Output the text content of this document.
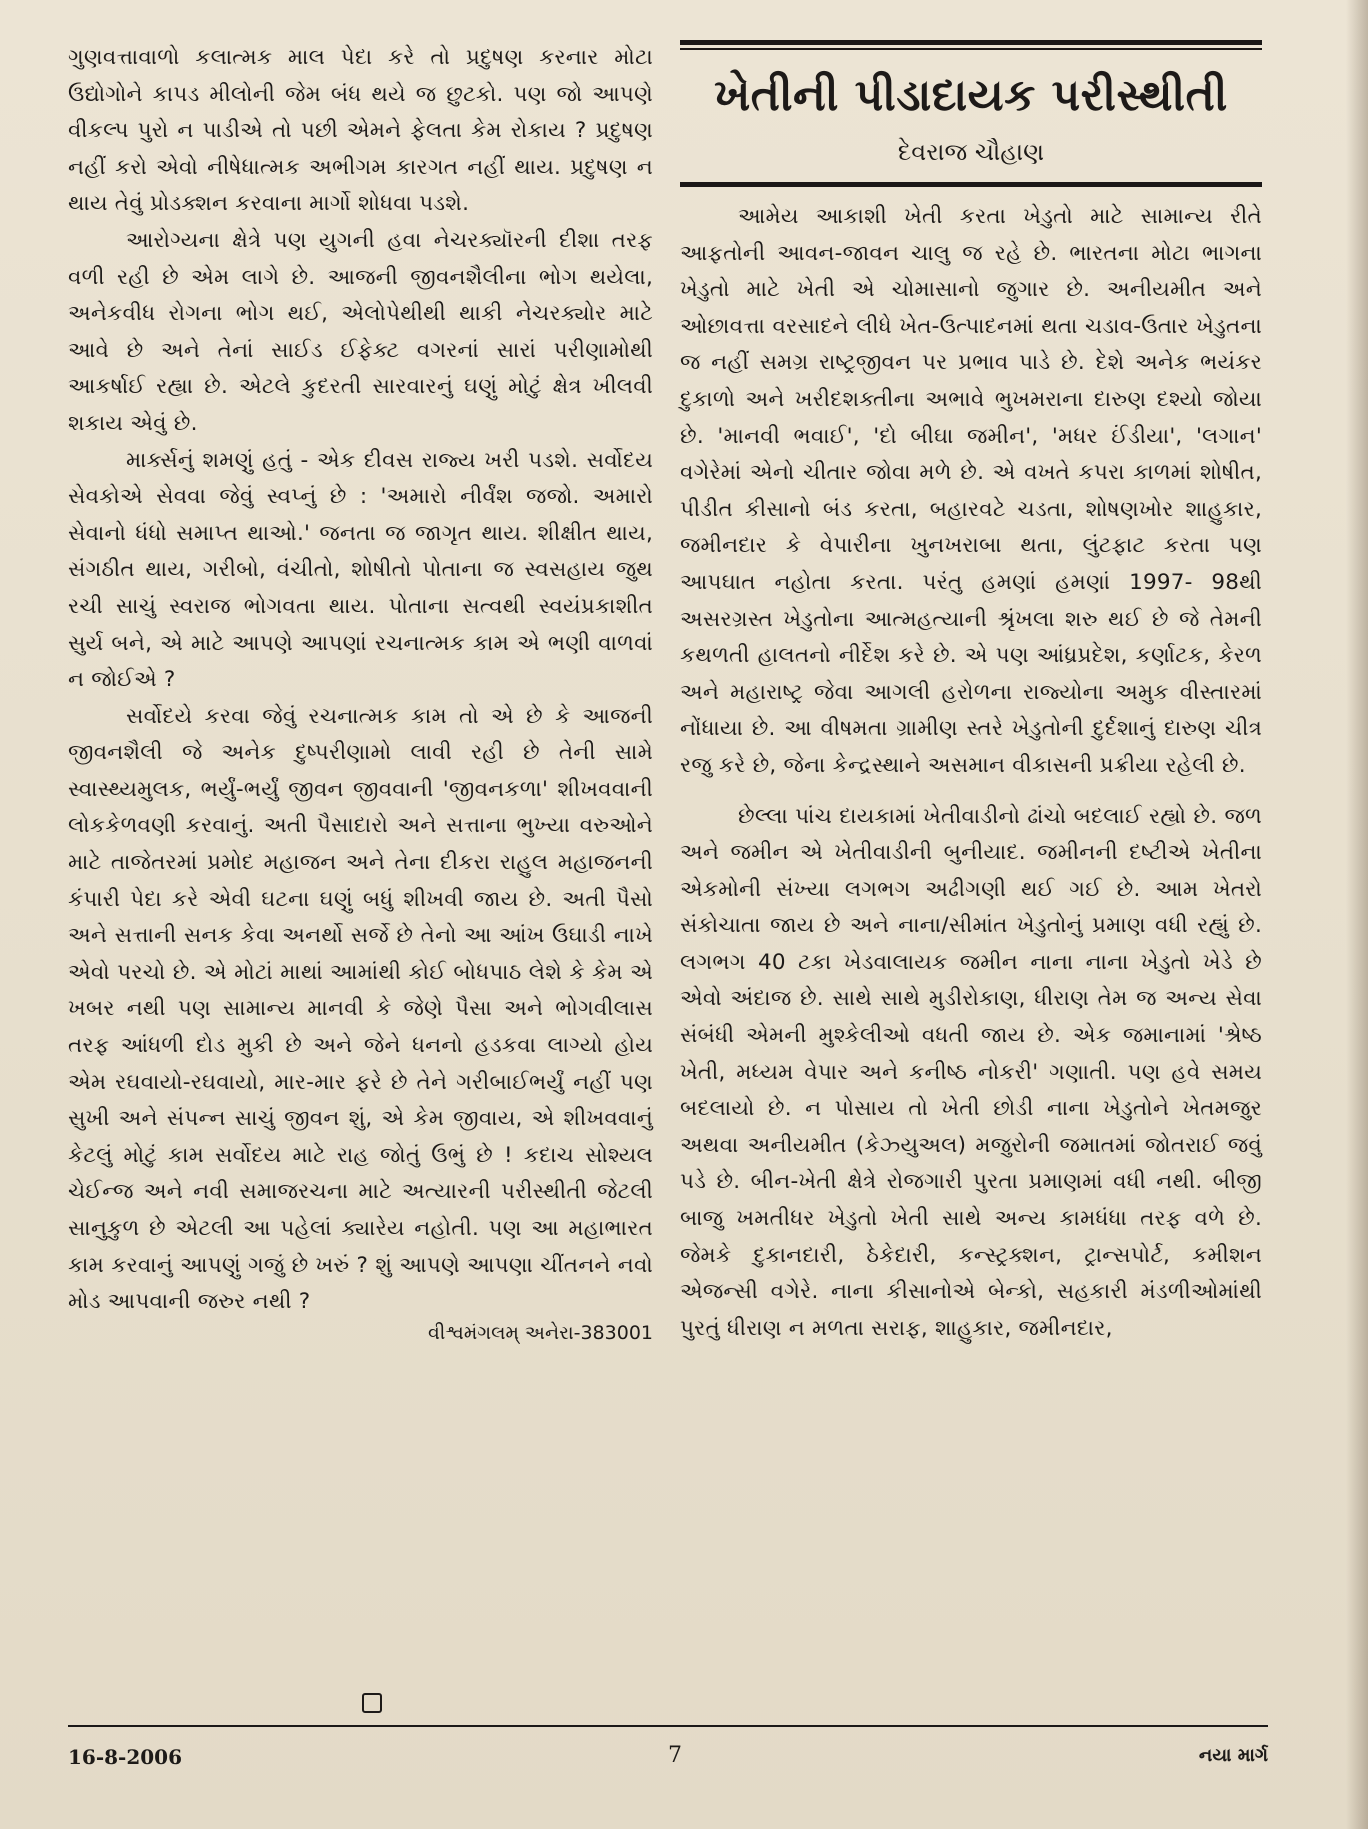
ગુણવત્તાવાળો કલાત્મક માલ પેદા કરે તો પ્રદુષણ કરનાર મોટા ઉદ્યોગોને કાપડ મીલોની જેમ બંધ થયે જ છુટકો. પણ જો આપણે વીકલ્પ પુરો ન પાડીએ તો પછી એમને ફેલતા કેમ રોકાય ? પ્રદુષણ નહીં કરો એવો નીષેધાત્મક અભીગમ કારગત નહીં થાય. પ્રદુષણ ન થાય તેવું પ્રોડક્શન કરવાના માર્ગો શોધવા પડશે.

આરોગ્યના ક્ષેત્રે પણ યુગની હવા નેચરક્યૉરની દીશા તરફ વળી રહી છે એમ લાગે છે. આજની જીવનશૈલીના ભોગ થયેલા, અનેકવીધ રોગના ભોગ થઈ, એલોપેથીથી થાકી નેચરક્યોર માટે આવે છે અને તેનાં સાઈડ ઈફેક્ટ વગરનાં સારાં પરીણામોથી આકર્ષાઈ રહ્યા છે. એટલે કુદરતી સારવારનું ઘણું મોટું ક્ષેત્ર ખીલવી શકાય એવું છે.

માર્ક્સનું શમણું હતું - એક દીવસ રાજ્ય ખરી પડશે. સર્વોદય સેવકોએ સેવવા જેવું સ્વપ્નું છે : 'અમારો નીર્વંશ જજો. અમારો સેવાનો ધંધો સમાપ્ત થાઓ.' જનતા જ જાગૃત થાય. શીક્ષીત થાય, સંગઠીત થાય, ગરીબો, વંચીતો, શોષીતો પોતાના જ સ્વસહાય જુથ રચી સાચું સ્વરાજ ભોગવતા થાય. પોતાના સત્વથી સ્વયંપ્રકાશીત સુર્ય બને, એ માટે આપણે આપણાં રચનાત્મક કામ એ ભણી વાળવાં ન જોઈએ ?

સર્વોદયે કરવા જેવું રચનાત્મક કામ તો એ છે કે આજની જીવનશૈલી જે અનેક દુષ્પરીણામો લાવી રહી છે તેની સામે સ્વાસ્થ્યમુલક, ભર્યું-ભર્યું જીવન જીવવાની 'જીવનકળા' શીખવવાની લોકકેળવણી કરવાનું. અતી પૈસાદારો અને સત્તાના ભુખ્યા વરુઓને માટે તાજેતરમાં પ્રમોદ મહાજન અને તેના દીકરા રાહુલ મહાજનની કંપારી પેદા કરે એવી ઘટના ઘણું બધું શીખવી જાય છે. અતી પૈસો અને સત્તાની સનક કેવા અનર્થો સર્જે છે તેનો આ આંખ ઉઘાડી નાખે એવો પરચો છે. એ મોટાં માથાં આમાંથી કોઈ બોધપાઠ લેશે કે કેમ એ ખબર નથી પણ સામાન્ય માનવી કે જેણે પૈસા અને ભોગવીલાસ તરફ આંધળી દોડ મુકી છે અને જેને ધનનો હડકવા લાગ્યો હોય એમ રઘવાયો-રઘવાયો, માર-માર ફરે છે તેને ગરીબાઈભર્યું નહીં પણ સુખી અને સંપન્ન સાચું જીવન શું, એ કેમ જીવાય, એ શીખવવાનું કેટલું મોટું કામ સર્વોદય માટે રાહ જોતું ઉભું છે ! કદાચ સોશ્યલ ચેઈન્જ અને નવી સમાજરચના માટે અત્યારની પરીસ્થીતી જેટલી સાનુકુળ છે એટલી આ પહેલાં ક્યારેય નહોતી. પણ આ મહાભારત કામ કરવાનું આપણું ગજું છે ખરું ? શું આપણે આપણા ચીંતનને નવો મોડ આપવાની જરુર નથી ?

વીશ્વમંગલમ્ અનેરા-383001
ખેતીની પીડાદાયક પરીસ્થીતી
દેવરાજ ચૌહાણ

આમેય આકાશી ખેતી કરતા ખેડુતો માટે સામાન્ય રીતે આફતોની આવન-જાવન ચાલુ જ રહે છે. ભારતના મોટા ભાગના ખેડુતો માટે ખેતી એ ચોમાસાનો જુગાર છે. અનીયમીત અને ઓછાવત્તા વરસાદને લીધે ખેત-ઉત્પાદનમાં થતા ચડાવ-ઉતાર ખેડુતના જ નહીં સમગ્ર રાષ્ટ્રજીવન પર પ્રભાવ પાડે છે. દેશે અનેક ભયંકર દુકાળો અને ખરીદશક્તીના અભાવે ભુખમરાના દારુણ દશ્યો જોયા છે. 'માનવી ભવાઈ', 'દો બીઘા જમીન', 'મધર ઈંડીયા', 'લગાન' વગેરેમાં એનો ચીતાર જોવા મળે છે. એ વખતે કપરા કાળમાં શોષીત, પીડીત કીસાનો બંડ કરતા, બહારવટે ચડતા, શોષણખોર શાહુકાર, જમીનદાર કે વેપારીના ખુનખરાબા થતા, લુંટફાટ કરતા પણ આપઘાત નહોતા કરતા. પરંતુ હમણાં હમણાં 1997- 98થી અસરગ્રસ્ત ખેડુતોના આત્મહત્યાની શ્રૃંખલા શરુ થઈ છે જે તેમની કથળતી હાલતનો નીર્દેશ કરે છે. એ પણ આંધ્રપ્રદેશ, કર્ણાટક, કેરળ અને મહારાષ્ટ્ર જેવા આગલી હરોળના રાજ્યોના અમુક વીસ્તારમાં નોંધાયા છે. આ વીષમતા ગ્રામીણ સ્તરે ખેડુતોની દુર્દશાનું દારુણ ચીત્ર રજુ કરે છે, જેના કેન્દ્રસ્થાને અસમાન વીકાસની પ્રક્રીયા રહેલી છે.

છેલ્લા પાંચ દાયકામાં ખેતીવાડીનો ઢાંચો બદલાઈ રહ્યો છે. જળ અને જમીન એ ખેતીવાડીની બુનીયાદ. જમીનની દષ્ટીએ ખેતીના એકમોની સંખ્યા લગભગ અઢીગણી થઈ ગઈ છે. આમ ખેતરો સંકોચાતા જાય છે અને નાના/સીમાંત ખેડુતોનું પ્રમાણ વધી રહ્યું છે. લગભગ 40 ટકા ખેડવાલાયક જમીન નાના નાના ખેડુતો ખેડે છે એવો અંદાજ છે. સાથે સાથે મુડીરોકાણ, ધીરાણ તેમ જ અન્ય સેવા સંબંધી એમની મુશ્કેલીઓ વધતી જાય છે. એક જમાનામાં 'શ્રેષ્ઠ ખેતી, મધ્યમ વેપાર અને કનીષ્ઠ નોકરી' ગણાતી. પણ હવે સમય બદલાયો છે. ન પોસાય તો ખેતી છોડી નાના ખેડુતોને ખેતમજુર અથવા અનીયમીત (કેઝ્યુઅલ) મજુરોની જમાતમાં જોતરાઈ જવું પડે છે. બીન-ખેતી ક્ષેત્રે રોજગારી પુરતા પ્રમાણમાં વધી નથી. બીજી બાજુ ખમતીધર ખેડુતો ખેતી સાથે અન્ય કામધંધા તરફ વળે છે. જેમકે દુકાનદારી, ઠેકેદારી, કન્સ્ટ્રક્શન, ટ્રાન્સપોર્ટ, કમીશન એજન્સી વગેરે. નાના કીસાનોએ બેન્કો, સહકારી મંડળીઓમાંથી પુરતું ધીરાણ ન મળતા સરાફ, શાહુકાર, જમીનદાર,

16-8-2006	7	નયા માર્ગ
